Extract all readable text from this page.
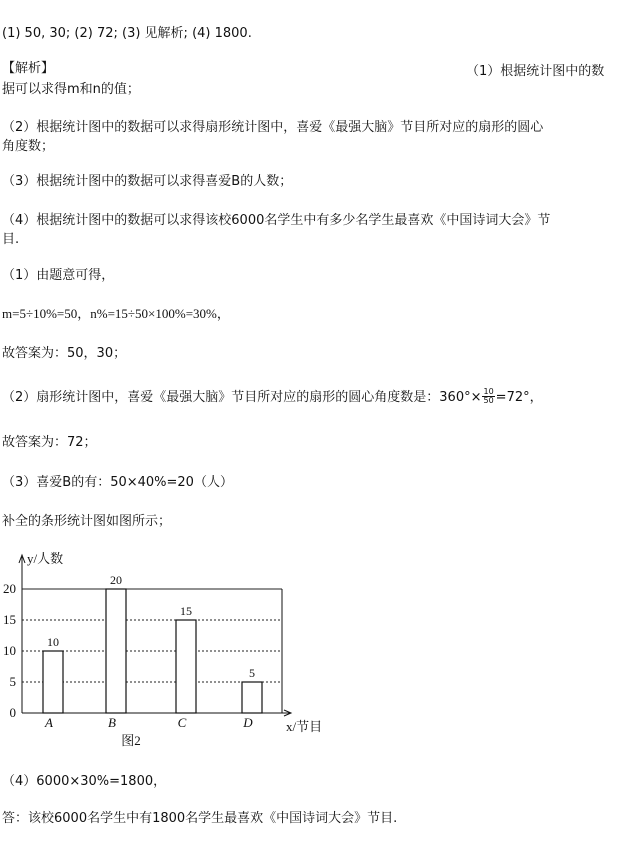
(1) 50, 30; (2) 72; (3) 见解析; (4) 1800.
【解析】	（1）根据统计图中的数
据可以求得m和n的值；
（2）根据统计图中的数据可以求得扇形统计图中，喜爱《最强大脑》节目所对应的扇形的圆心
角度数；
（3）根据统计图中的数据可以求得喜爱B的人数；
（4）根据统计图中的数据可以求得该校6000名学生中有多少名学生最喜欢《中国诗词大会》节
目.
（1）由题意可得，
m=5÷10%=50，n%=15÷50×100%=30%，
故答案为：50，30；
（2）扇形统计图中，喜爱《最强大脑》节目所对应的扇形的圆心角度数是：$360^\circ\times \frac{10}{50} =72^\circ$，
故答案为：72；
（3）喜爱B的有：50×40%=20（人）
补全的条形统计图如图所示；
0
5
10
15
20
y/人数
x/节目
图2
10
A
20
B
15
C
5
D
（4）6000×30%=1800，
答：该校6000名学生中有1800名学生最喜欢《中国诗词大会》节目.
